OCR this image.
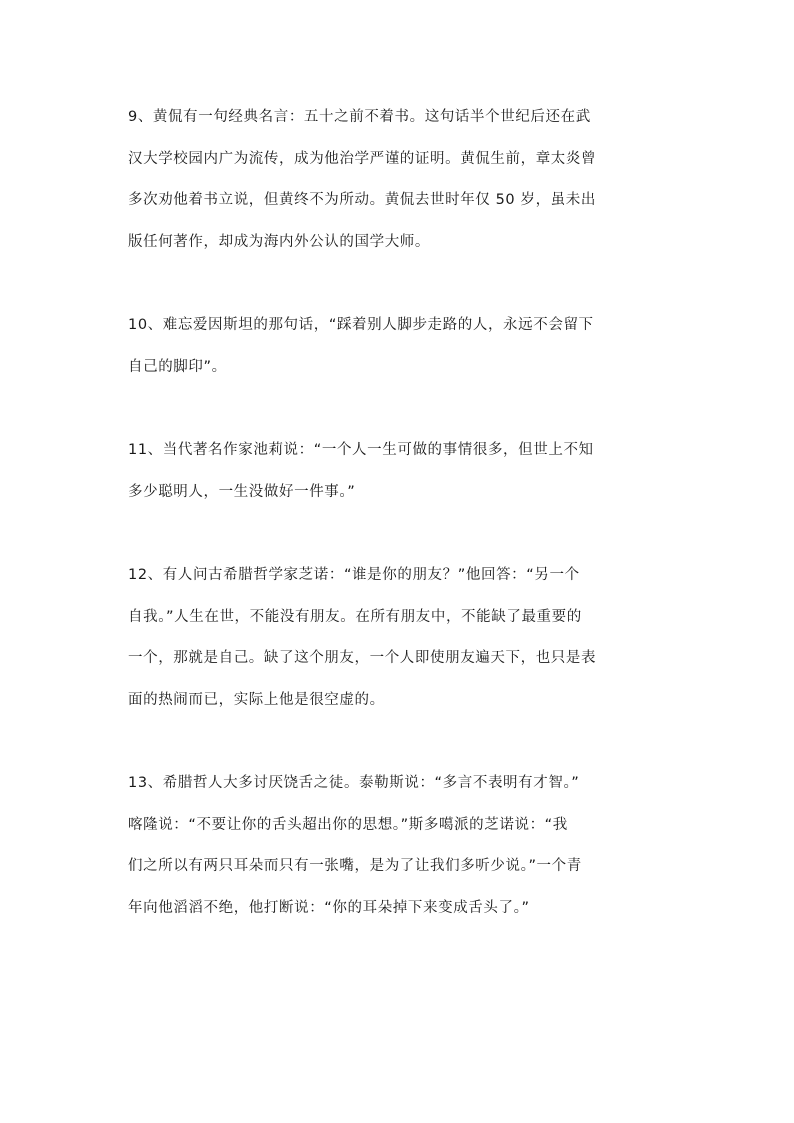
9、黄侃有一句经典名言：五十之前不着书。这句话半个世纪后还在武
汉大学校园内广为流传，成为他治学严谨的证明。黄侃生前，章太炎曾
多次劝他着书立说，但黄终不为所动。黄侃去世时年仅 50 岁，虽未出
版任何著作，却成为海内外公认的国学大师。
10、难忘爱因斯坦的那句话，“踩着别人脚步走路的人，永远不会留下
自己的脚印”。
11、当代著名作家池莉说：“一个人一生可做的事情很多，但世上不知
多少聪明人，一生没做好一件事。”
12、有人问古希腊哲学家芝诺：“谁是你的朋友？”他回答：“另一个
自我。”人生在世，不能没有朋友。在所有朋友中，不能缺了最重要的
一个，那就是自己。缺了这个朋友，一个人即使朋友遍天下，也只是表
面的热闹而已，实际上他是很空虚的。
13、希腊哲人大多讨厌饶舌之徒。泰勒斯说：“多言不表明有才智。”
喀隆说：“不要让你的舌头超出你的思想。”斯多噶派的芝诺说：“我
们之所以有两只耳朵而只有一张嘴，是为了让我们多听少说。”一个青
年向他滔滔不绝，他打断说：“你的耳朵掉下来变成舌头了。”
